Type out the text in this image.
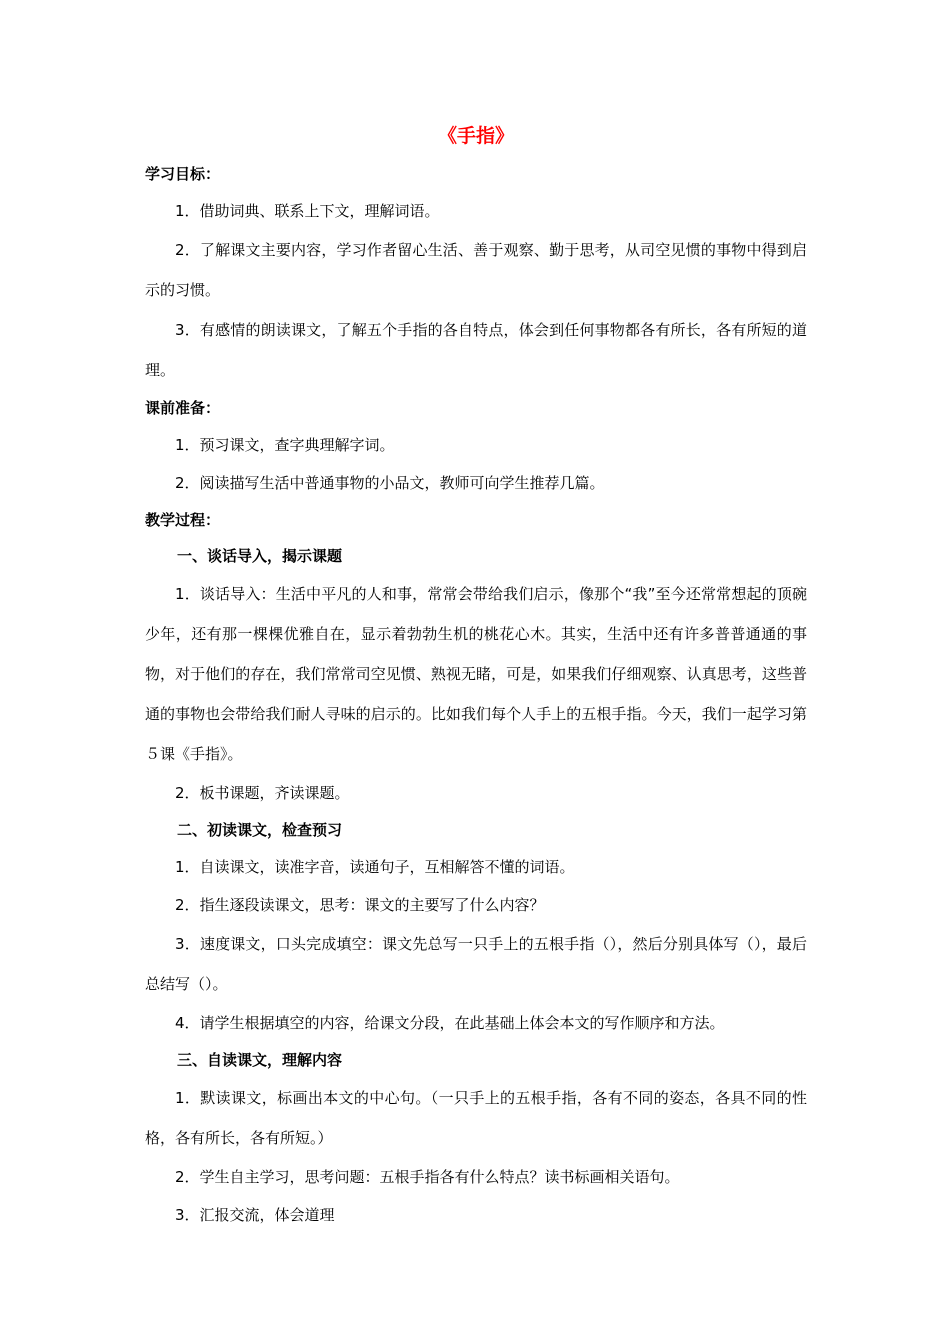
《手指》
学习目标：

1．借助词典、联系上下文，理解词语。

2．了解课文主要内容，学习作者留心生活、善于观察、勤于思考，从司空见惯的事物中得到启示的习惯。

3．有感情的朗读课文，了解五个手指的各自特点，体会到任何事物都各有所长，各有所短的道理。

课前准备：

1．预习课文，查字典理解字词。

2．阅读描写生活中普通事物的小品文，教师可向学生推荐几篇。

教学过程：
一、谈话导入，揭示课题

1．谈话导入：生活中平凡的人和事，常常会带给我们启示，像那个“我”至今还常常想起的顶碗少年，还有那一棵棵优雅自在，显示着勃勃生机的桃花心木。其实，生活中还有许多普普通通的事物，对于他们的存在，我们常常司空见惯、熟视无睹，可是，如果我们仔细观察、认真思考，这些普通的事物也会带给我们耐人寻味的启示的。比如我们每个人手上的五根手指。今天，我们一起学习第５课《手指》。

2．板书课题，齐读课题。

二、初读课文，检查预习

1．自读课文，读准字音，读通句子，互相解答不懂的词语。

2．指生逐段读课文，思考：课文的主要写了什么内容？

3．速度课文，口头完成填空：课文先总写一只手上的五根手指（），然后分别具体写（），最后总结写（）。

4．请学生根据填空的内容，给课文分段，在此基础上体会本文的写作顺序和方法。

三、自读课文，理解内容

1．默读课文，标画出本文的中心句。（一只手上的五根手指，各有不同的姿态，各具不同的性格，各有所长，各有所短。）

2．学生自主学习，思考问题：五根手指各有什么特点？读书标画相关语句。

3．汇报交流，体会道理
